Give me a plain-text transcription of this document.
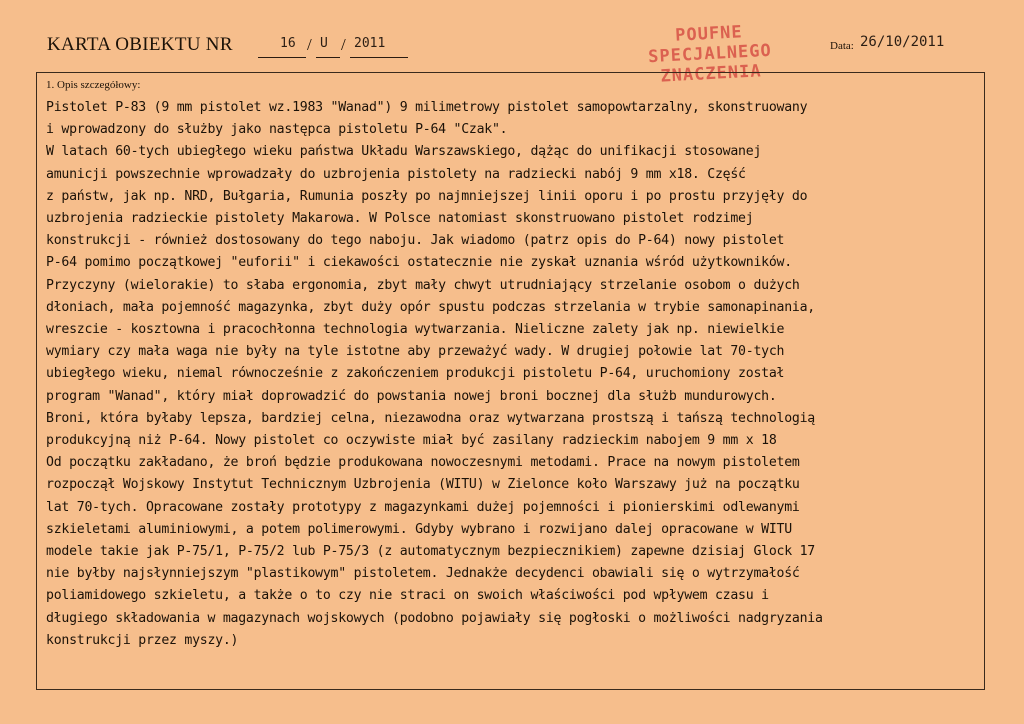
KARTA OBIEKTU NR	16 / U / 2011	POUFNE
SPECJALNEGO
ZNACZENIA
Data: 26/10/2011
1. Opis szczegółowy:
Pistolet P-83 (9 mm pistolet wz.1983 "Wanad") 9 milimetrowy pistolet samopowtarzalny, skonstruowany
i wprowadzony do służby jako następca pistoletu P-64 "Czak".
W latach 60-tych ubiegłego wieku państwa Układu Warszawskiego, dążąc do unifikacji stosowanej
amunicji powszechnie wprowadzały do uzbrojenia pistolety na radziecki nabój 9 mm x18. Część
z państw, jak np. NRD, Bułgaria, Rumunia poszły po najmniejszej linii oporu i po prostu przyjęły do
uzbrojenia radzieckie pistolety Makarowa. W Polsce natomiast skonstruowano pistolet rodzimej
konstrukcji - również dostosowany do tego naboju. Jak wiadomo (patrz opis do P-64) nowy pistolet
P-64 pomimo początkowej "euforii" i ciekawości ostatecznie nie zyskał uznania wśród użytkowników.
Przyczyny (wielorakie) to słaba ergonomia, zbyt mały chwyt utrudniający strzelanie osobom o dużych
dłoniach, mała pojemność magazynka, zbyt duży opór spustu podczas strzelania w trybie samonapinania,
wreszcie - kosztowna i pracochłonna technologia wytwarzania. Nieliczne zalety jak np. niewielkie
wymiary czy mała waga nie były na tyle istotne aby przeważyć wady. W drugiej połowie lat 70-tych
ubiegłego wieku, niemal równocześnie z zakończeniem produkcji pistoletu P-64, uruchomiony został
program "Wanad", który miał doprowadzić do powstania nowej broni bocznej dla służb mundurowych.
Broni, która byłaby lepsza, bardziej celna, niezawodna oraz wytwarzana prostszą i tańszą technologią
produkcyjną niż P-64. Nowy pistolet co oczywiste miał być zasilany radzieckim nabojem 9 mm x 18
Od początku zakładano, że broń będzie produkowana nowoczesnymi metodami. Prace na nowym pistoletem
rozpoczął Wojskowy Instytut Technicznym Uzbrojenia (WITU) w Zielonce koło Warszawy już na początku
lat 70-tych. Opracowane zostały prototypy z magazynkami dużej pojemności i pionierskimi odlewanymi
szkieletami aluminiowymi, a potem polimerowymi. Gdyby wybrano i rozwijano dalej opracowane w WITU
modele takie jak P-75/1, P-75/2 lub P-75/3 (z automatycznym bezpiecznikiem) zapewne dzisiaj Glock 17
nie byłby najsłynniejszym "plastikowym" pistoletem. Jednakże decydenci obawiali się o wytrzymałość
poliamidowego szkieletu, a także o to czy nie straci on swoich właściwości pod wpływem czasu i
długiego składowania w magazynach wojskowych (podobno pojawiały się pogłoski o możliwości nadgryzania
konstrukcji przez myszy.)
